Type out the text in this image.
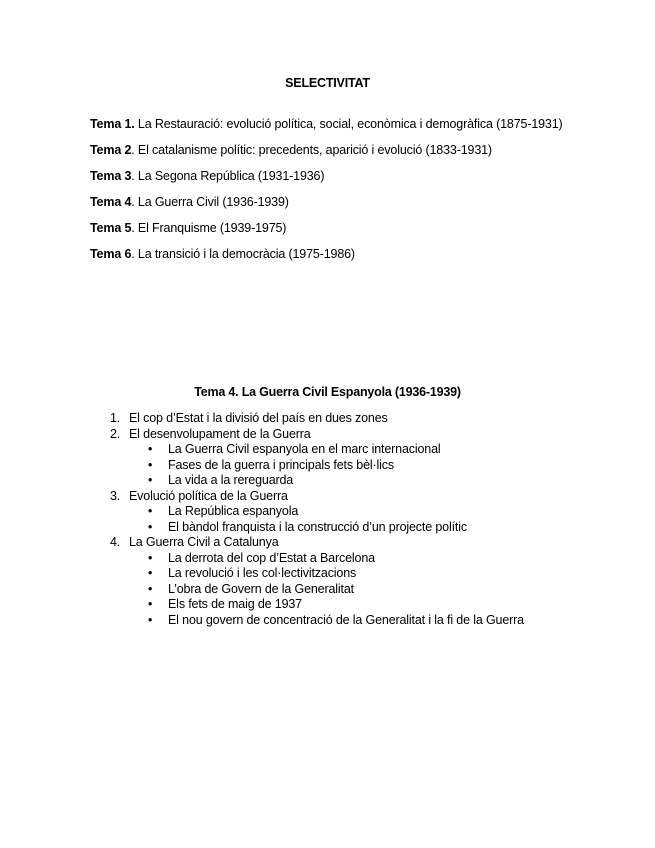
SELECTIVITAT
Tema 1. La Restauració: evolució política, social, econòmica i demogràfica (1875-1931)
Tema 2. El catalanisme polític: precedents, aparició i evolució (1833-1931)
Tema 3. La Segona República (1931-1936)
Tema 4. La Guerra Civil (1936-1939)
Tema 5. El Franquisme (1939-1975)
Tema 6. La transició i la democràcia (1975-1986)
Tema 4. La Guerra Civil Espanyola (1936-1939)
1. El cop d’Estat i la divisió del país en dues zones
2. El desenvolupament de la Guerra
• La Guerra Civil espanyola en el marc internacional
• Fases de la guerra i principals fets bèl·lics
• La vida a la rereguarda
3. Evolució política de la Guerra
• La República espanyola
• El bàndol franquista i la construcció d’un projecte polític
4. La Guerra Civil a Catalunya
• La derrota del cop d’Estat a Barcelona
• La revolució i les col·lectivitzacions
• L’obra de Govern de la Generalitat
• Els fets de maig de 1937
• El nou govern de concentració de la Generalitat i la fi de la Guerra
